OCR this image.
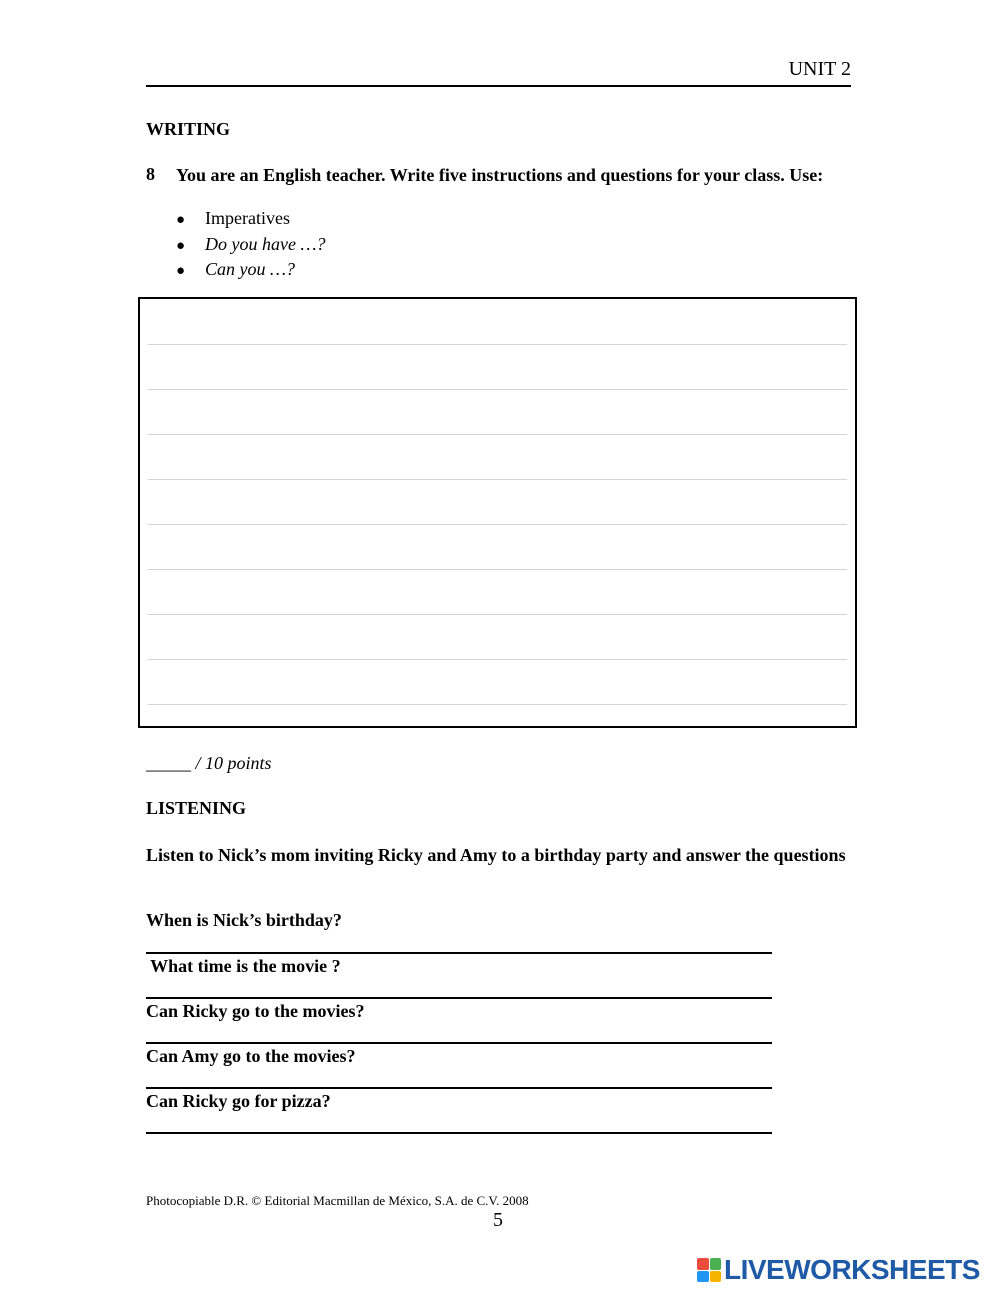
UNIT 2
WRITING
8 You are an English teacher. Write five instructions and questions for your class. Use:
●	Imperatives
●	Do you have …?
●	Can you …?
_____ / 10 points
LISTENING
Listen to Nick’s mom inviting Ricky and Amy to a birthday party and answer the questions
When is Nick’s birthday?
What time is the movie ?
Can Ricky go to the movies?
Can Amy go to the movies?
Can Ricky go for pizza?
Photocopiable D.R. © Editorial Macmillan de México, S.A. de C.V. 2008
5
LIVEWORKSHEETS
